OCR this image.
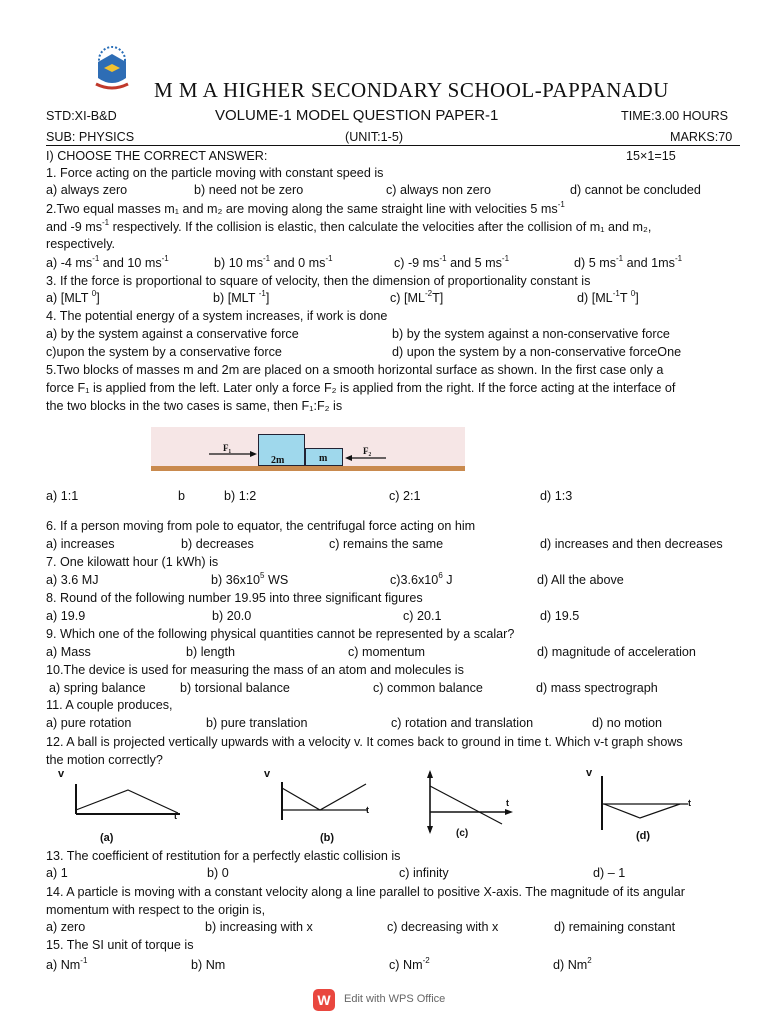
M M A HIGHER SECONDARY SCHOOL-PAPPANADU
STD:XI-B&D	VOLUME-1 MODEL QUESTION PAPER-1	TIME:3.00 HOURS
SUB: PHYSICS	(UNIT:1-5)	MARKS:70
I) CHOOSE THE CORRECT ANSWER:	15×1=15
1. Force acting on the particle moving with constant speed is
a) always zero	b) need not be zero	c) always non zero	d) cannot be concluded
2.Two equal masses m₁ and m₂ are moving along the same straight line with velocities 5 $ms^{-1}$
and -9 $ms^{-1}$ respectively. If the collision is elastic, then calculate the velocities after the collision of m₁ and m₂,
respectively.
a) -4 $ms^{-1}$ and 10 $ms^{-1}$	b) 10 $ms^{-1}$ and 0 $ms^{-1}$	c) -9 $ms^{-1}$ and 5 $ms^{-1}$	d) 5 $ms^{-1}$ and $1ms^{-1}$
3. If the force is proportional to square of velocity, then the dimension of proportionality constant is
a) [MLT $^0$]	b) [MLT $^{-1}$]	c) $[ML^{-2}T]$	d) [$ML^{-1}T$ $^0$]
4. The potential energy of a system increases, if work is done
a) by the system against a conservative force	b) by the system against a non-conservative force
c)upon the system by a conservative force	d) upon the system by a non-conservative forceOne
5.Two blocks of masses m and 2m are placed on a smooth horizontal surface as shown. In the first case only a
force F₁ is applied from the left. Later only a force F₂ is applied from the right. If the force acting at the interface of
the two blocks in the two cases is same, then F₁:F₂ is
2m	m
F₁	F₂
a) 1:1	b	b) 1:2	c) 2:1	d) 1:3
6. If a person moving from pole to equator, the centrifugal force acting on him
a) increases	b) decreases	c) remains the same	d) increases and then decreases
7. One kilowatt hour (1 kWh) is
a) 3.6 MJ	b) $36x10^5$ WS	$c)3.6x10^6$ J	d) All the above
8. Round of the following number 19.95 into three significant figures
a) 19.9	b) 20.0	c) 20.1	d) 19.5
9. Which one of the following physical quantities cannot be represented by a scalar?
a) Mass	b) length	c) momentum	d) magnitude of acceleration
10.The device is used for measuring the mass of an atom and molecules is
a) spring balance	b) torsional balance	c) common balance	d) mass spectrograph
11. A couple produces,
a) pure rotation	b) pure translation	c) rotation and translation	d) no motion
12. A ball is projected vertically upwards with a velocity v. It comes back to ground in time t. Which v-t graph shows
the motion correctly?
v
t
(a)
v
t
(b)
t
(c)
v
t
(d)
13. The coefficient of restitution for a perfectly elastic collision is
a) 1	b) 0	c) infinity	d) – 1
14. A particle is moving with a constant velocity along a line parallel to positive X-axis. The magnitude of its angular
momentum with respect to the origin is,
a) zero	b) increasing with x	c) decreasing with x	d) remaining constant
15. The SI unit of torque is
a) $Nm^{-1}$	b) Nm	c) $Nm^{-2}$	d) Nm$^2$
W	Edit with WPS Office
